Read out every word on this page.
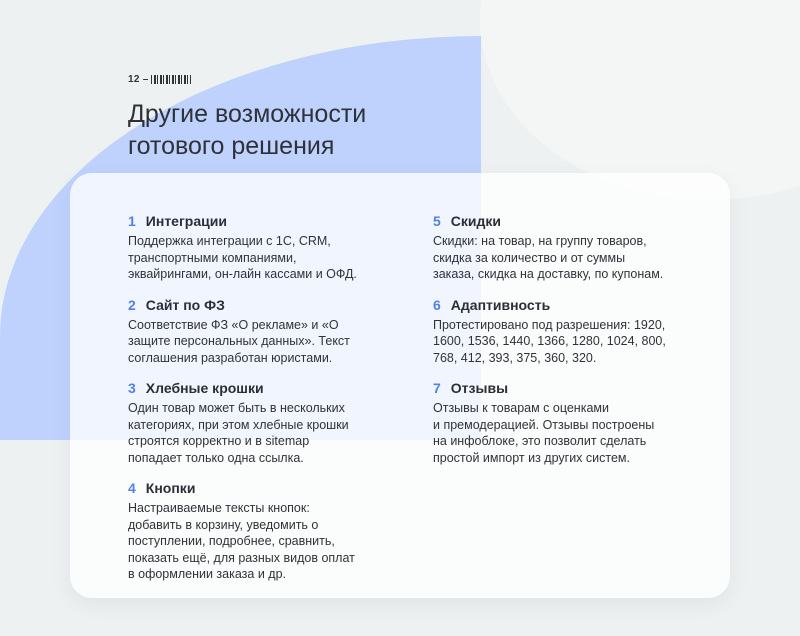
12 –
Другие возможности
готового решения
1 Интеграции
Поддержка интеграции с 1С, CRM,
транспортными компаниями,
эквайрингами, он-лайн кассами и ОФД.
2 Сайт по ФЗ
Соответствие ФЗ «О рекламе» и «О
защите персональных данных». Текст
соглашения разработан юристами.
3 Хлебные крошки
Один товар может быть в нескольких
категориях, при этом хлебные крошки
строятся корректно и в sitemap
попадает только одна ссылка.
4 Кнопки
Настраиваемые тексты кнопок:
добавить в корзину, уведомить о
поступлении, подробнее, сравнить,
показать ещё, для разных видов оплат
в оформлении заказа и др.
5 Скидки
Скидки: на товар, на группу товаров,
скидка за количество и от суммы
заказа, скидка на доставку, по купонам.
6 Адаптивность
Протестировано под разрешения: 1920,
1600, 1536, 1440, 1366, 1280, 1024, 800,
768, 412, 393, 375, 360, 320.
7 Отзывы
Отзывы к товарам с оценками
и премодерацией. Отзывы построены
на инфоблоке, это позволит сделать
простой импорт из других систем.
